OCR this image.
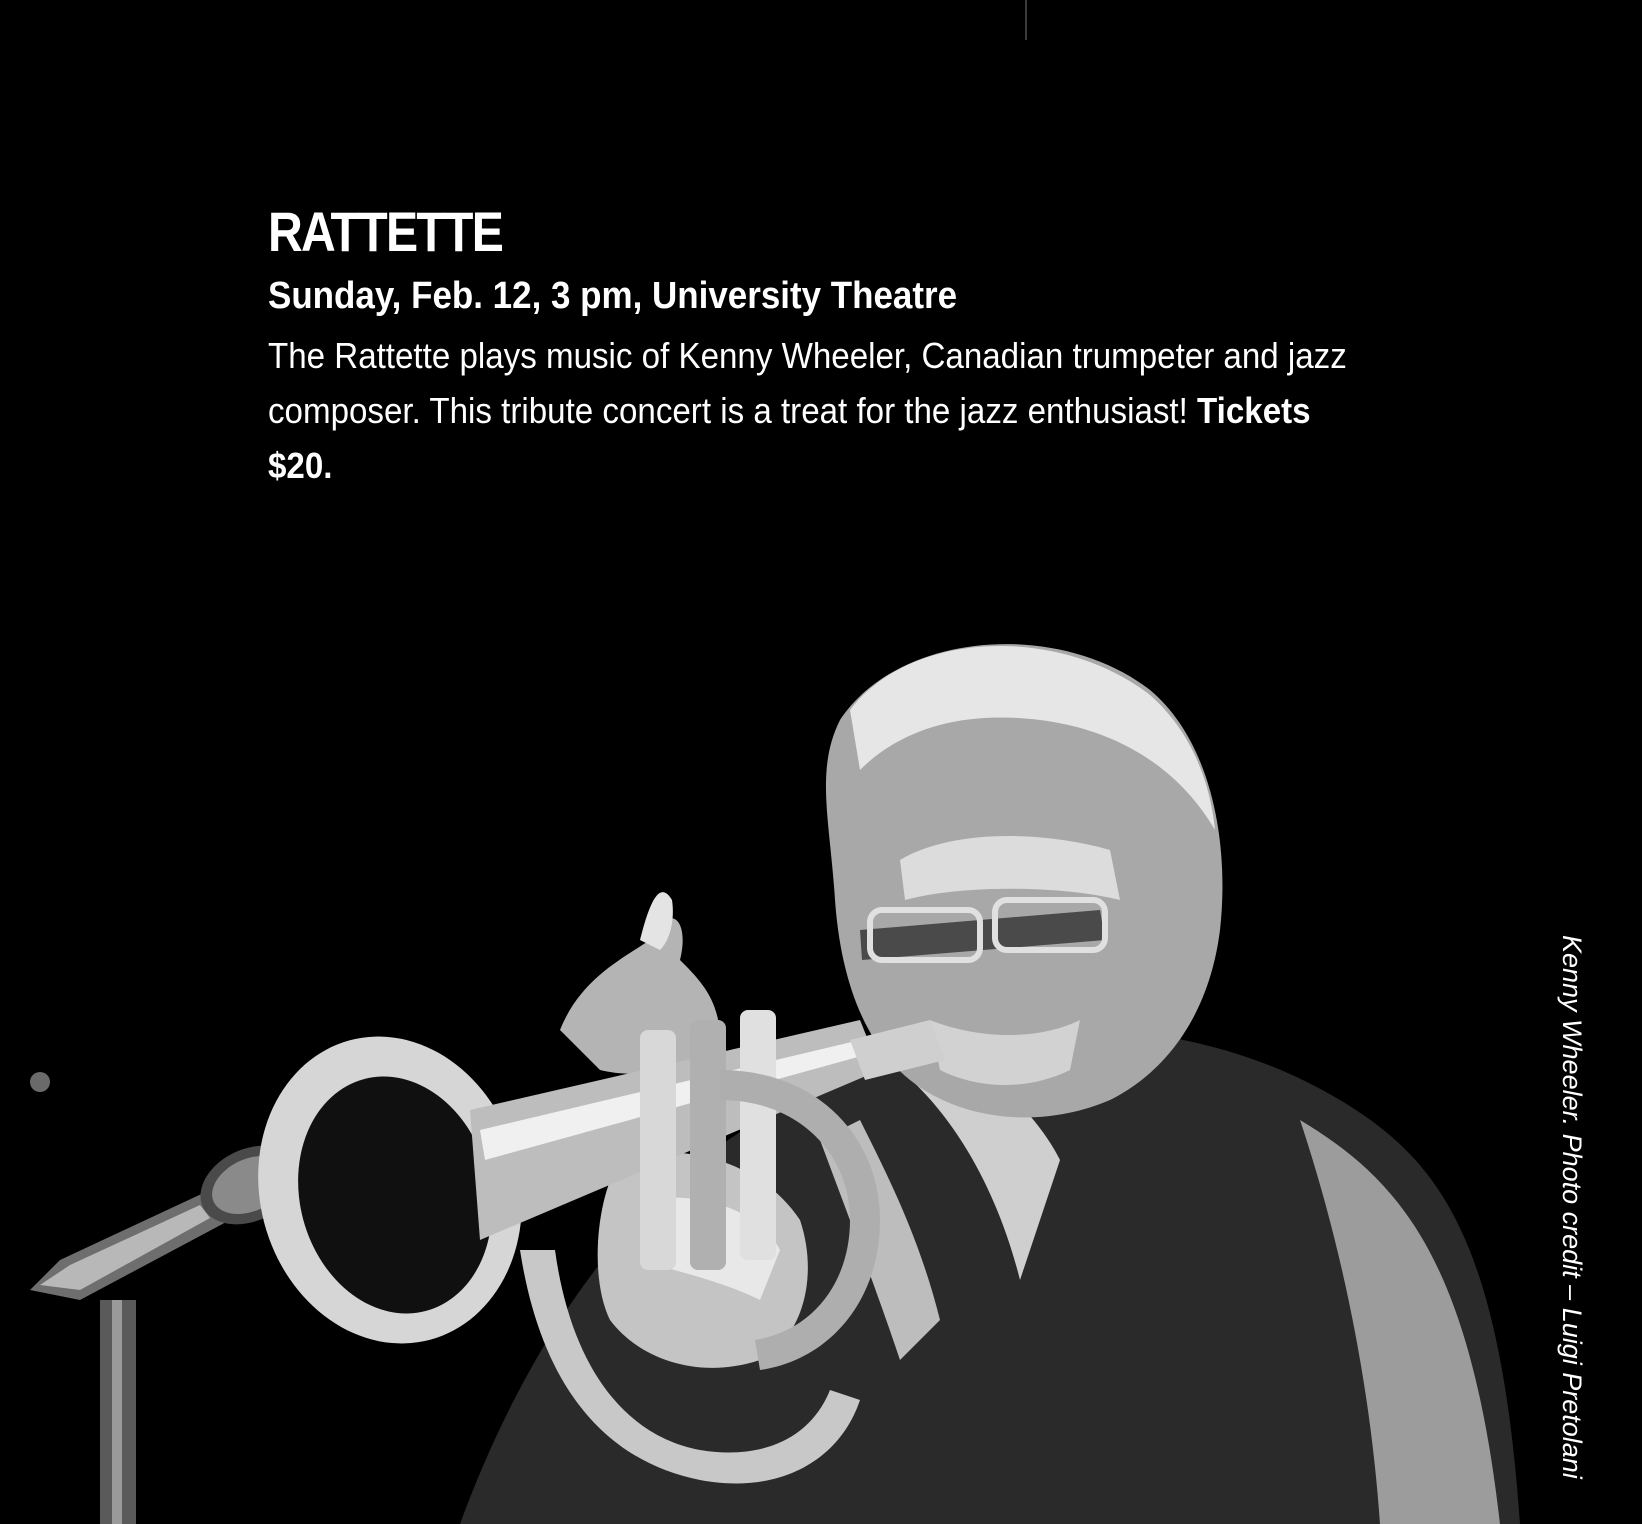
RATTETTE
Sunday, Feb. 12, 3 pm, University Theatre

The Rattette plays music of Kenny Wheeler, Canadian trumpeter and jazz composer. This tribute concert is a treat for the jazz enthusiast! Tickets $20.

Kenny Wheeler. Photo credit – Luigi Pretolani
